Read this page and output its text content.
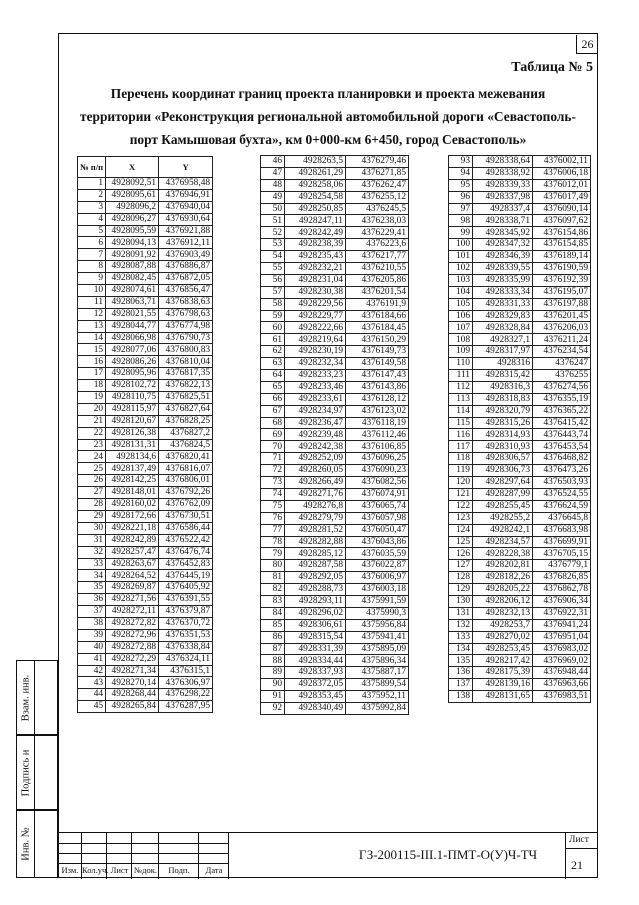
26
Таблица № 5
Перечень координат границ проекта планировки и проекта межевания
территории «Реконструкция региональной автомобильной дороги «Севастополь-
порт Камышовая бухта», км 0+000-км 6+450, город Севастополь»
№ п/п	X	Y
1	4928092,51	4376958,48
2	4928095,61	4376946,91
3	4928096,2	4376940,04
4	4928096,27	4376930,64
5	4928095,59	4376921,88
6	4928094,13	4376912,11
7	4928091,92	4376903,49
8	4928087,88	4376886,87
9	4928082,45	4376872,05
10	4928074,61	4376856,47
11	4928063,71	4376838,63
12	4928021,55	4376798,63
13	4928044,77	4376774,98
14	4928066,98	4376790,73
15	4928077,06	4376800,83
16	4928086,26	4376810,04
17	4928095,96	4376817,35
18	4928102,72	4376822,13
19	4928110,75	4376825,51
20	4928115,97	4376827,64
21	4928120,67	4376828,25
22	4928126,38	4376827,2
23	4928131,31	4376824,5
24	4928134,6	4376820,41
25	4928137,49	4376816,07
26	4928142,25	4376806,01
27	4928148,01	4376792,26
28	4928160,02	4376762,09
29	4928172,66	4376730,51
30	4928221,18	4376586,44
31	4928242,89	4376522,42
32	4928257,47	4376476,74
33	4928263,67	4376452,83
34	4928264,52	4376445,19
35	4928269,87	4376405,92
36	4928271,56	4376391,55
37	4928272,11	4376379,87
38	4928272,82	4376370,72
39	4928272,96	4376351,53
40	4928272,88	4376338,84
41	4928272,29	4376324,11
42	4928271,34	4376315,1
43	4928270,14	4376306,97
44	4928268,44	4376298,22
45	4928265,84	4376287,95
46	4928263,5	4376279,46
47	4928261,29	4376271,85
48	4928258,06	4376262,47
49	4928254,58	4376255,12
50	4928250,85	4376245,5
51	4928247,11	4376238,03
52	4928242,49	4376229,41
53	4928238,39	4376223,6
54	4928235,43	4376217,77
55	4928232,21	4376210,55
56	4928231,04	4376205,86
57	4928230,38	4376201,54
58	4928229,56	4376191,9
59	4928229,77	4376184,66
60	4928222,66	4376184,45
61	4928219,64	4376150,29
62	4928230,19	4376149,73
63	4928232,34	4376149,58
64	4928233,23	4376147,43
65	4928233,46	4376143,86
66	4928233,61	4376128,12
67	4928234,97	4376123,02
68	4928236,47	4376118,19
69	4928239,48	4376112,46
70	4928242,38	4376106,85
71	4928252,09	4376096,25
72	4928260,05	4376090,23
73	4928266,49	4376082,56
74	4928271,76	4376074,91
75	4928276,8	4376065,74
76	4928279,79	4376057,98
77	4928281,52	4376050,47
78	4928282,88	4376043,86
79	4928285,12	4376035,59
80	4928287,58	4376022,87
81	4928292,05	4376006,97
82	4928288,73	4376003,18
83	4928293,11	4375991,59
84	4928296,02	4375990,3
85	4928306,61	4375956,84
86	4928315,54	4375941,41
87	4928331,39	4375895,09
88	4928334,44	4375896,34
89	4928337,93	4375887,17
90	4928372,05	4375899,54
91	4928353,45	4375952,11
92	4928340,49	4375992,84
93	4928338,64	4376002,11
94	4928338,92	4376006,18
95	4928339,33	4376012,01
96	4928337,98	4376017,49
97	4928337,4	4376090,14
98	4928338,71	4376097,62
99	4928345,92	4376154,86
100	4928347,32	4376154,85
101	4928346,39	4376189,14
102	4928339,55	4376190,59
103	4928335,99	4376192,39
104	4928333,34	4376195,07
105	4928331,33	4376197,88
106	4928329,83	4376201,45
107	4928328,84	4376206,03
108	4928327,1	4376211,24
109	4928317,97	4376234,54
110	4928316	4376247
111	4928315,42	4376255
112	4928316,3	4376274,56
113	4928318,83	4376355,19
114	4928320,79	4376365,22
115	4928315,26	4376415,42
116	4928314,93	4376443,74
117	4928310,93	4376453,54
118	4928306,57	4376468,82
119	4928306,73	4376473,26
120	4928297,64	4376503,93
121	4928287,99	4376524,55
122	4928255,45	4376624,59
123	4928255,2	4376645,8
124	4928242,1	4376683,98
125	4928234,57	4376699,91
126	4928228,38	4376705,15
127	4928202,81	4376779,1
128	4928182,26	4376826,85
129	4928205,22	4376862,78
130	4928206,12	4376906,34
131	4928232,13	4376922,31
132	4928253,7	4376941,24
133	4928270,02	4376951,04
134	4928253,45	4376983,02
135	4928217,42	4376969,02
136	4928175,39	4376948,44
137	4928139,16	4376963,66
138	4928131,65	4376983,51
Взам. инв.
Подпись и
Инв. №
Изм. Кол.уч. Лист №док.	Подп.	Дата
ГЗ-200115-III.1-ПМТ-О(У)Ч-ТЧ
Лист
21
